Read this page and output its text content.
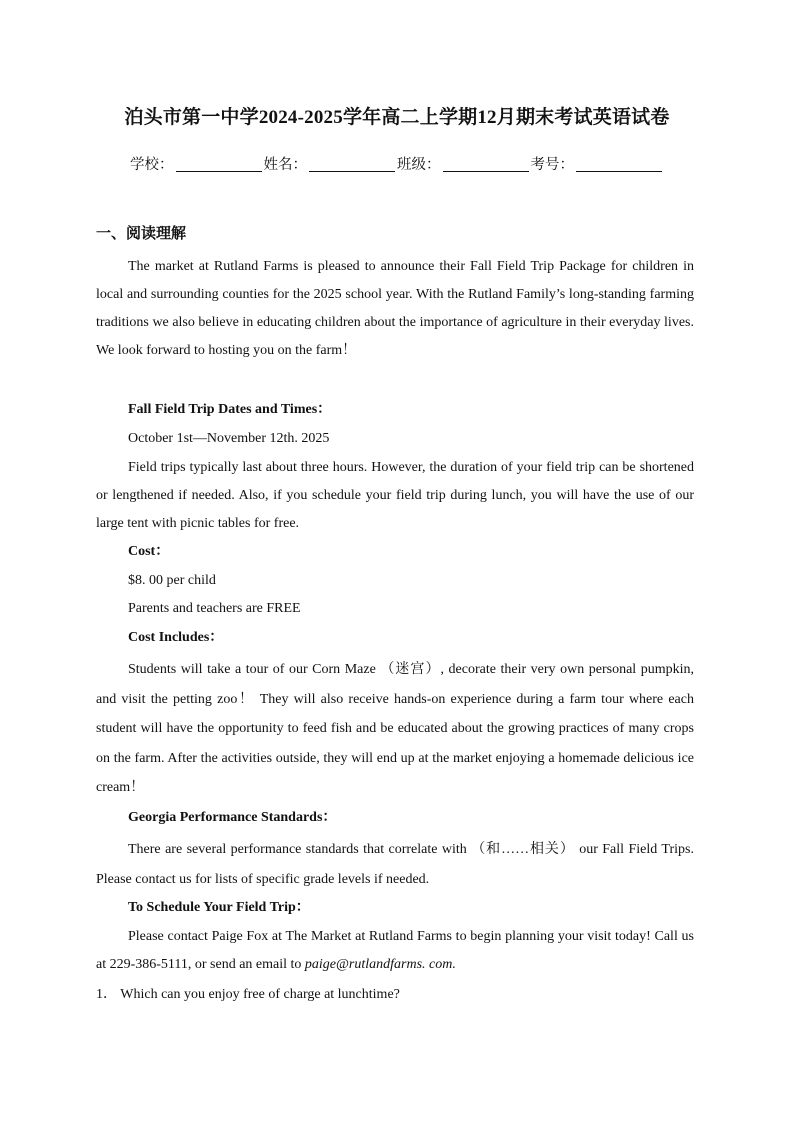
泊头市第一中学2024-2025学年高二上学期12月期末考试英语试卷
学校：	姓名：	班级：	考号：
一、阅读理解
The market at Rutland Farms is pleased to announce their Fall Field Trip Package for children in local and surrounding counties for the 2025 school year. With the Rutland Family’s long-standing farming traditions we also believe in educating children about the importance of agriculture in their everyday lives. We look forward to hosting you on the farm！
Fall Field Trip Dates and Times：
October 1st—November 12th. 2025
Field trips typically last about three hours. However, the duration of your field trip can be shortened or lengthened if needed. Also, if you schedule your field trip during lunch, you will have the use of our large tent with picnic tables for free.
Cost：
$8. 00 per child
Parents and teachers are FREE
Cost Includes：
Students will take a tour of our Corn Maze （迷宫）, decorate their very own personal pumpkin, and visit the petting zoo！ They will also receive hands-on experience during a farm tour where each student will have the opportunity to feed fish and be educated about the growing practices of many crops on the farm. After the activities outside, they will end up at the market enjoying a homemade delicious ice cream！
Georgia Performance Standards：
There are several performance standards that correlate with （和……相关） our Fall Field Trips. Please contact us for lists of specific grade levels if needed.
To Schedule Your Field Trip：
Please contact Paige Fox at The Market at Rutland Farms to begin planning your visit today! Call us at 229-386-5111, or send an email to paige@rutlandfarms. com.
1． Which can you enjoy free of charge at lunchtime?
